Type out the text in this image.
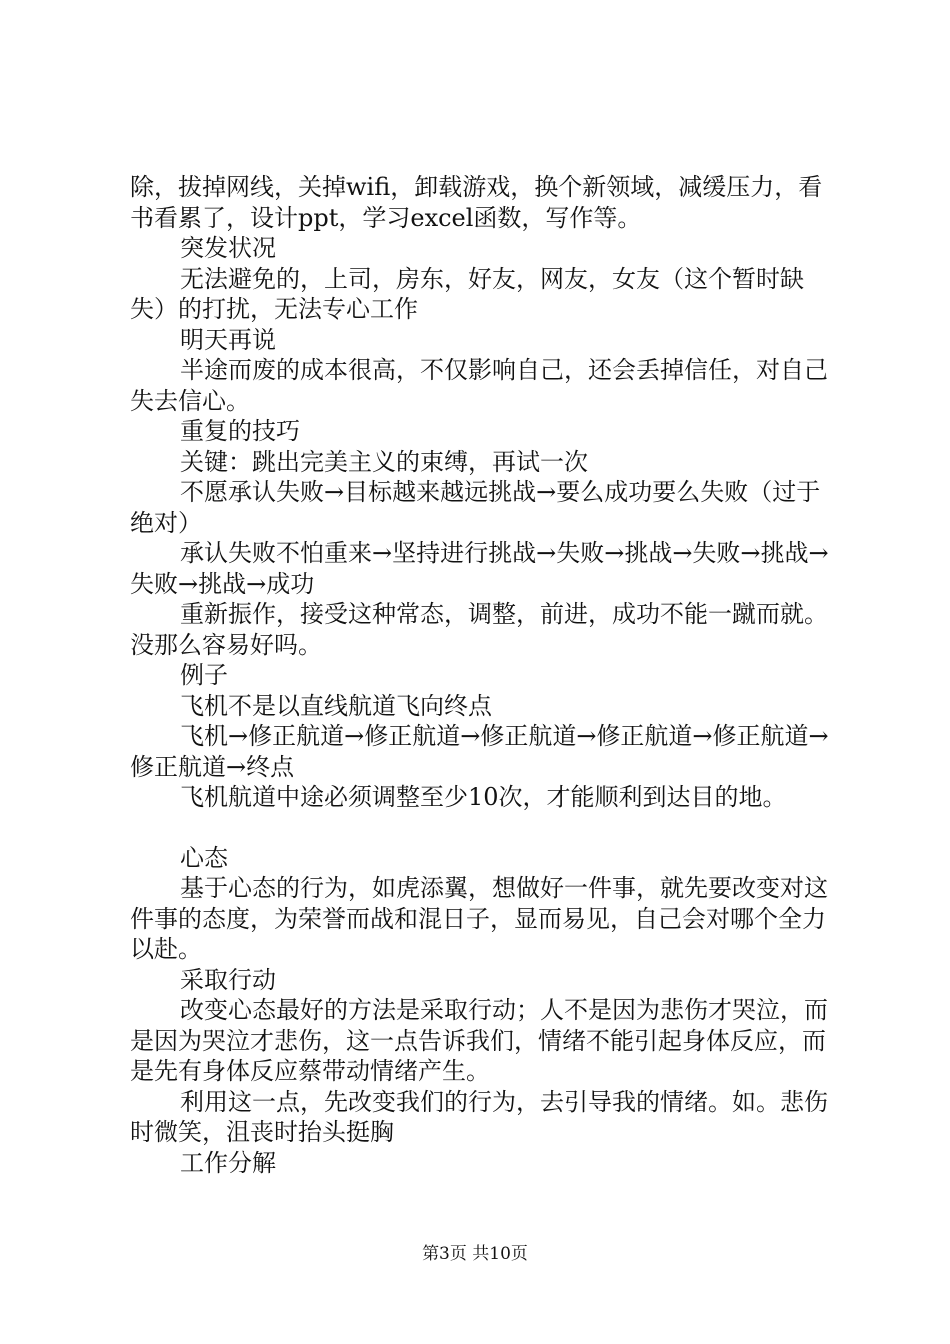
除，拔掉网线，关掉wifi，卸载游戏，换个新领域，减缓压力，看书看累了，设计ppt，学习excel函数，写作等。

突发状况

无法避免的，上司，房东，好友，网友，女友（这个暂时缺失）的打扰，无法专心工作

明天再说

半途而废的成本很高，不仅影响自己，还会丢掉信任，对自己失去信心。

重复的技巧

关键：跳出完美主义的束缚，再试一次

不愿承认失败→目标越来越远挑战→要么成功要么失败（过于绝对）

承认失败不怕重来→坚持进行挑战→失败→挑战→失败→挑战→失败→挑战→成功

重新振作，接受这种常态，调整，前进，成功不能一蹴而就。没那么容易好吗。

例子

飞机不是以直线航道飞向终点

飞机→修正航道→修正航道→修正航道→修正航道→修正航道→修正航道→终点

飞机航道中途必须调整至少10次，才能顺利到达目的地。

心态

基于心态的行为，如虎添翼，想做好一件事，就先要改变对这件事的态度，为荣誉而战和混日子，显而易见，自己会对哪个全力以赴。

采取行动

改变心态最好的方法是采取行动；人不是因为悲伤才哭泣，而是因为哭泣才悲伤，这一点告诉我们，情绪不能引起身体反应，而是先有身体反应蔡带动情绪产生。

利用这一点，先改变我们的行为，去引导我的情绪。如。悲伤时微笑，沮丧时抬头挺胸

工作分解

第3页 共10页
